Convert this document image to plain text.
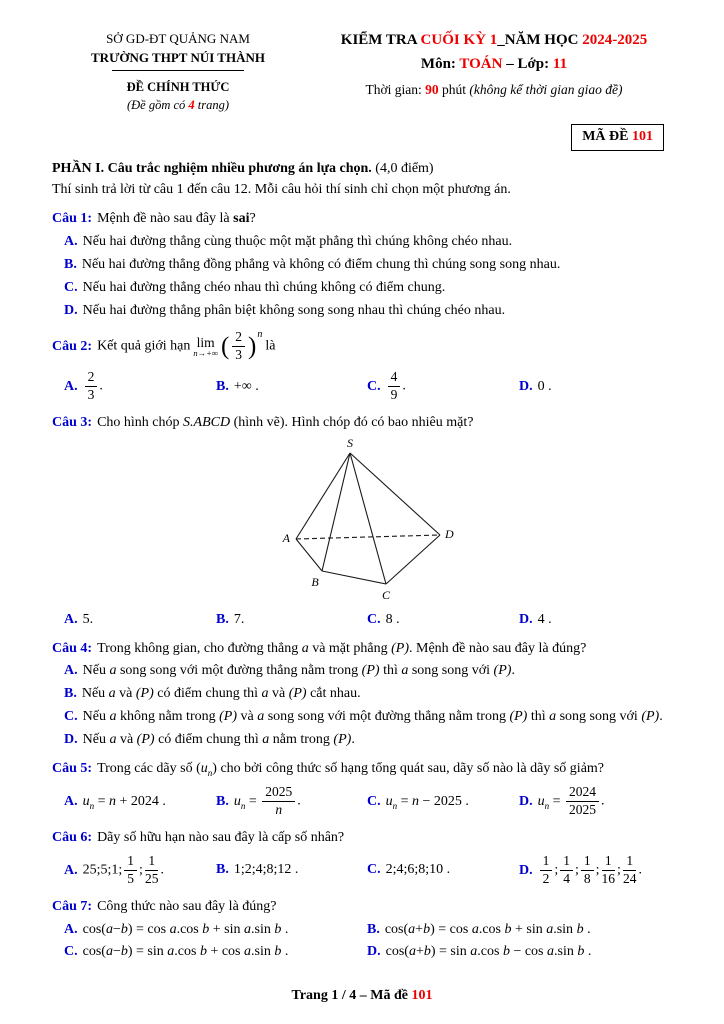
SỞ GD-ĐT QUẢNG NAM
TRƯỜNG THPT NÚI THÀNH
ĐỀ CHÍNH THỨC
(Đề gồm có 4 trang)
KIỂM TRA CUỐI KỲ 1_NĂM HỌC 2024-2025
Môn: TOÁN – Lớp: 11
Thời gian: 90 phút (không kể thời gian giao đề)
MÃ ĐỀ 101
PHẦN I. Câu trắc nghiệm nhiều phương án lựa chọn. (4,0 điểm)
Thí sinh trả lời từ câu 1 đến câu 12. Mỗi câu hỏi thí sinh chỉ chọn một phương án.
Câu 1: Mệnh đề nào sau đây là sai?
A. Nếu hai đường thẳng cùng thuộc một mặt phẳng thì chúng không chéo nhau.
B. Nếu hai đường thẳng đồng phẳng và không có điểm chung thì chúng song song nhau.
C. Nếu hai đường thẳng chéo nhau thì chúng không có điểm chung.
D. Nếu hai đường thẳng phân biệt không song song nhau thì chúng chéo nhau.
Câu 2: Kết quả giới hạn lim
n→+∞ ( $\frac{2}{3}$ ) n
là
A. $\frac{2}{3}$ .	B. +∞ .	C. $\frac{4}{9}$ .	D. 0 .
Câu 3: Cho hình chóp S.ABCD (hình vẽ). Hình chóp đó có bao nhiêu mặt?
S
A
B
C
D
A. 5.	B. 7.	C. 8 .	D. 4 .
Câu 4: Trong không gian, cho đường thẳng a và mặt phẳng (P). Mệnh đề nào sau đây là đúng?
A. Nếu a song song với một đường thẳng nằm trong (P) thì a song song với (P).
B. Nếu a và (P) có điểm chung thì a và (P) cắt nhau.
C. Nếu a không nằm trong (P) và a song song với một đường thẳng nằm trong (P) thì a song song với (P).
D. Nếu a và (P) có điểm chung thì a nằm trong (P).
Câu 5: Trong các dãy số $(u_n)$ cho bởi công thức số hạng tổng quát sau, dãy số nào là dãy số giảm?
A. $u_n = n + 2024$ .	B. $u_n = \frac{2025}{n}$ .	C. $u_n = n - 2025$ .	D. $u_n = \frac{2024}{2025}$ .
Câu 6: Dãy số hữu hạn nào sau đây là cấp số nhân?
A. 25;5;1; $\frac{1}{5}$ ; $\frac{1}{25}$ .	B. 1;2;4;8;12 .	C. 2;4;6;8;10 .	D. $\frac{1}{2}$ ; $\frac{1}{4}$ ; $\frac{1}{8}$ ; $\frac{1}{16}$ ; $\frac{1}{24}$ .
Câu 7: Công thức nào sau đây là đúng?
A. cos(a−b) = cos a.cos b + sin a.sin b .	B. cos(a+b) = cos a.cos b + sin a.sin b .
C. cos(a−b) = sin a.cos b + cos a.sin b .	D. cos(a+b) = sin a.cos b − cos a.sin b .
Trang 1 / 4 – Mã đề 101
